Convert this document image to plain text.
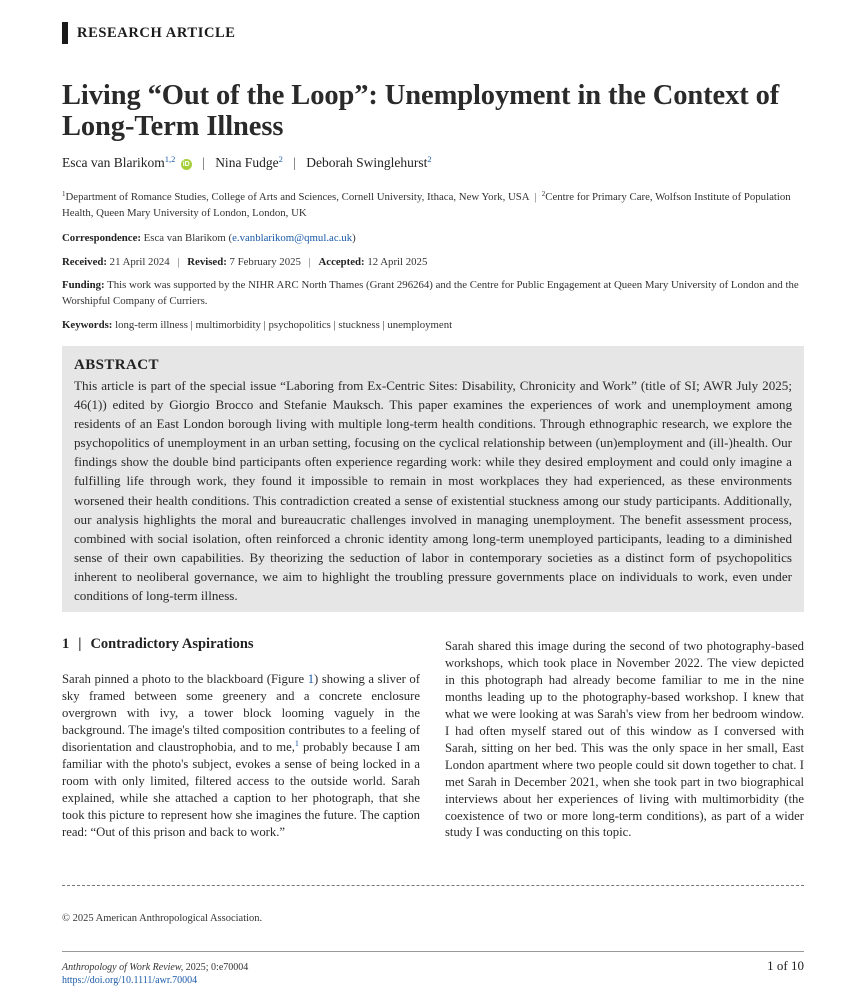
RESEARCH ARTICLE
Living “Out of the Loop”: Unemployment in the Context of Long-Term Illness
Esca van Blarikom$^{1,2}$ iD | Nina Fudge$^2$ | Deborah Swinglehurst$^2$
$^1$Department of Romance Studies, College of Arts and Sciences, Cornell University, Ithaca, New York, USA | $^2$Centre for Primary Care, Wolfson Institute of Population Health, Queen Mary University of London, London, UK
Correspondence: Esca van Blarikom (e.vanblarikom@qmul.ac.uk)
Received: 21 April 2024 | Revised: 7 February 2025 | Accepted: 12 April 2025
Funding: This work was supported by the NIHR ARC North Thames (Grant 296264) and the Centre for Public Engagement at Queen Mary University of London and the Worshipful Company of Curriers.
Keywords: long-term illness | multimorbidity | psychopolitics | stuckness | unemployment
ABSTRACT

This article is part of the special issue “Laboring from Ex-Centric Sites: Disability, Chronicity and Work” (title of SI; AWR July 2025; 46(1)) edited by Giorgio Brocco and Stefanie Mauksch. This paper examines the experiences of work and unemployment among residents of an East London borough living with multiple long-term health conditions. Through ethnographic research, we explore the psychopolitics of unemployment in an urban setting, focusing on the cyclical relationship between (un)employment and (ill-)health. Our findings show the double bind participants often experience regarding work: while they desired employment and could only imagine a fulfilling life through work, they found it impossible to remain in most workplaces they had experienced, as these environments worsened their health conditions. This contradiction created a sense of existential stuckness among our study participants. Additionally, our analysis highlights the moral and bureaucratic challenges involved in managing unemployment. The benefit assessment process, combined with social isolation, often reinforced a chronic identity among long-term unemployed participants, leading to a diminished sense of their own capabilities. By theorizing the seduction of labor in contemporary societies as a distinct form of psychopolitics inherent to neoliberal governance, we aim to highlight the troubling pressure governments place on individuals to work, even under conditions of long-term illness.

1 | Contradictory Aspirations

Sarah pinned a photo to the blackboard (Figure 1) showing a sliver of sky framed between some greenery and a concrete enclosure overgrown with ivy, a tower block looming vaguely in the background. The image's tilted composition contributes to a feeling of disorientation and claustrophobia, and to me,$^1$ probably because I am familiar with the photo's subject, evokes a sense of being locked in a room with only limited, filtered access to the outside world. Sarah explained, while she attached a caption to her photograph, that she took this picture to represent how she imagines the future. The caption read: “Out of this prison and back to work.”

Sarah shared this image during the second of two photography-based workshops, which took place in November 2022. The view depicted in this photograph had already become familiar to me in the nine months leading up to the photography-based workshop. I knew that what we were looking at was Sarah's view from her bedroom window. I had often myself stared out of this window as I conversed with Sarah, sitting on her bed. This was the only space in her small, East London apartment where two people could sit down together to chat. I met Sarah in December 2021, when she took part in two biographical interviews about her experiences of living with multimorbidity (the coexistence of two or more long-term conditions), as part of a wider study I was conducting on this topic.

© 2025 American Anthropological Association.
Anthropology of Work Review, 2025; 0:e70004
https://doi.org/10.1111/awr.70004
1 of 10
